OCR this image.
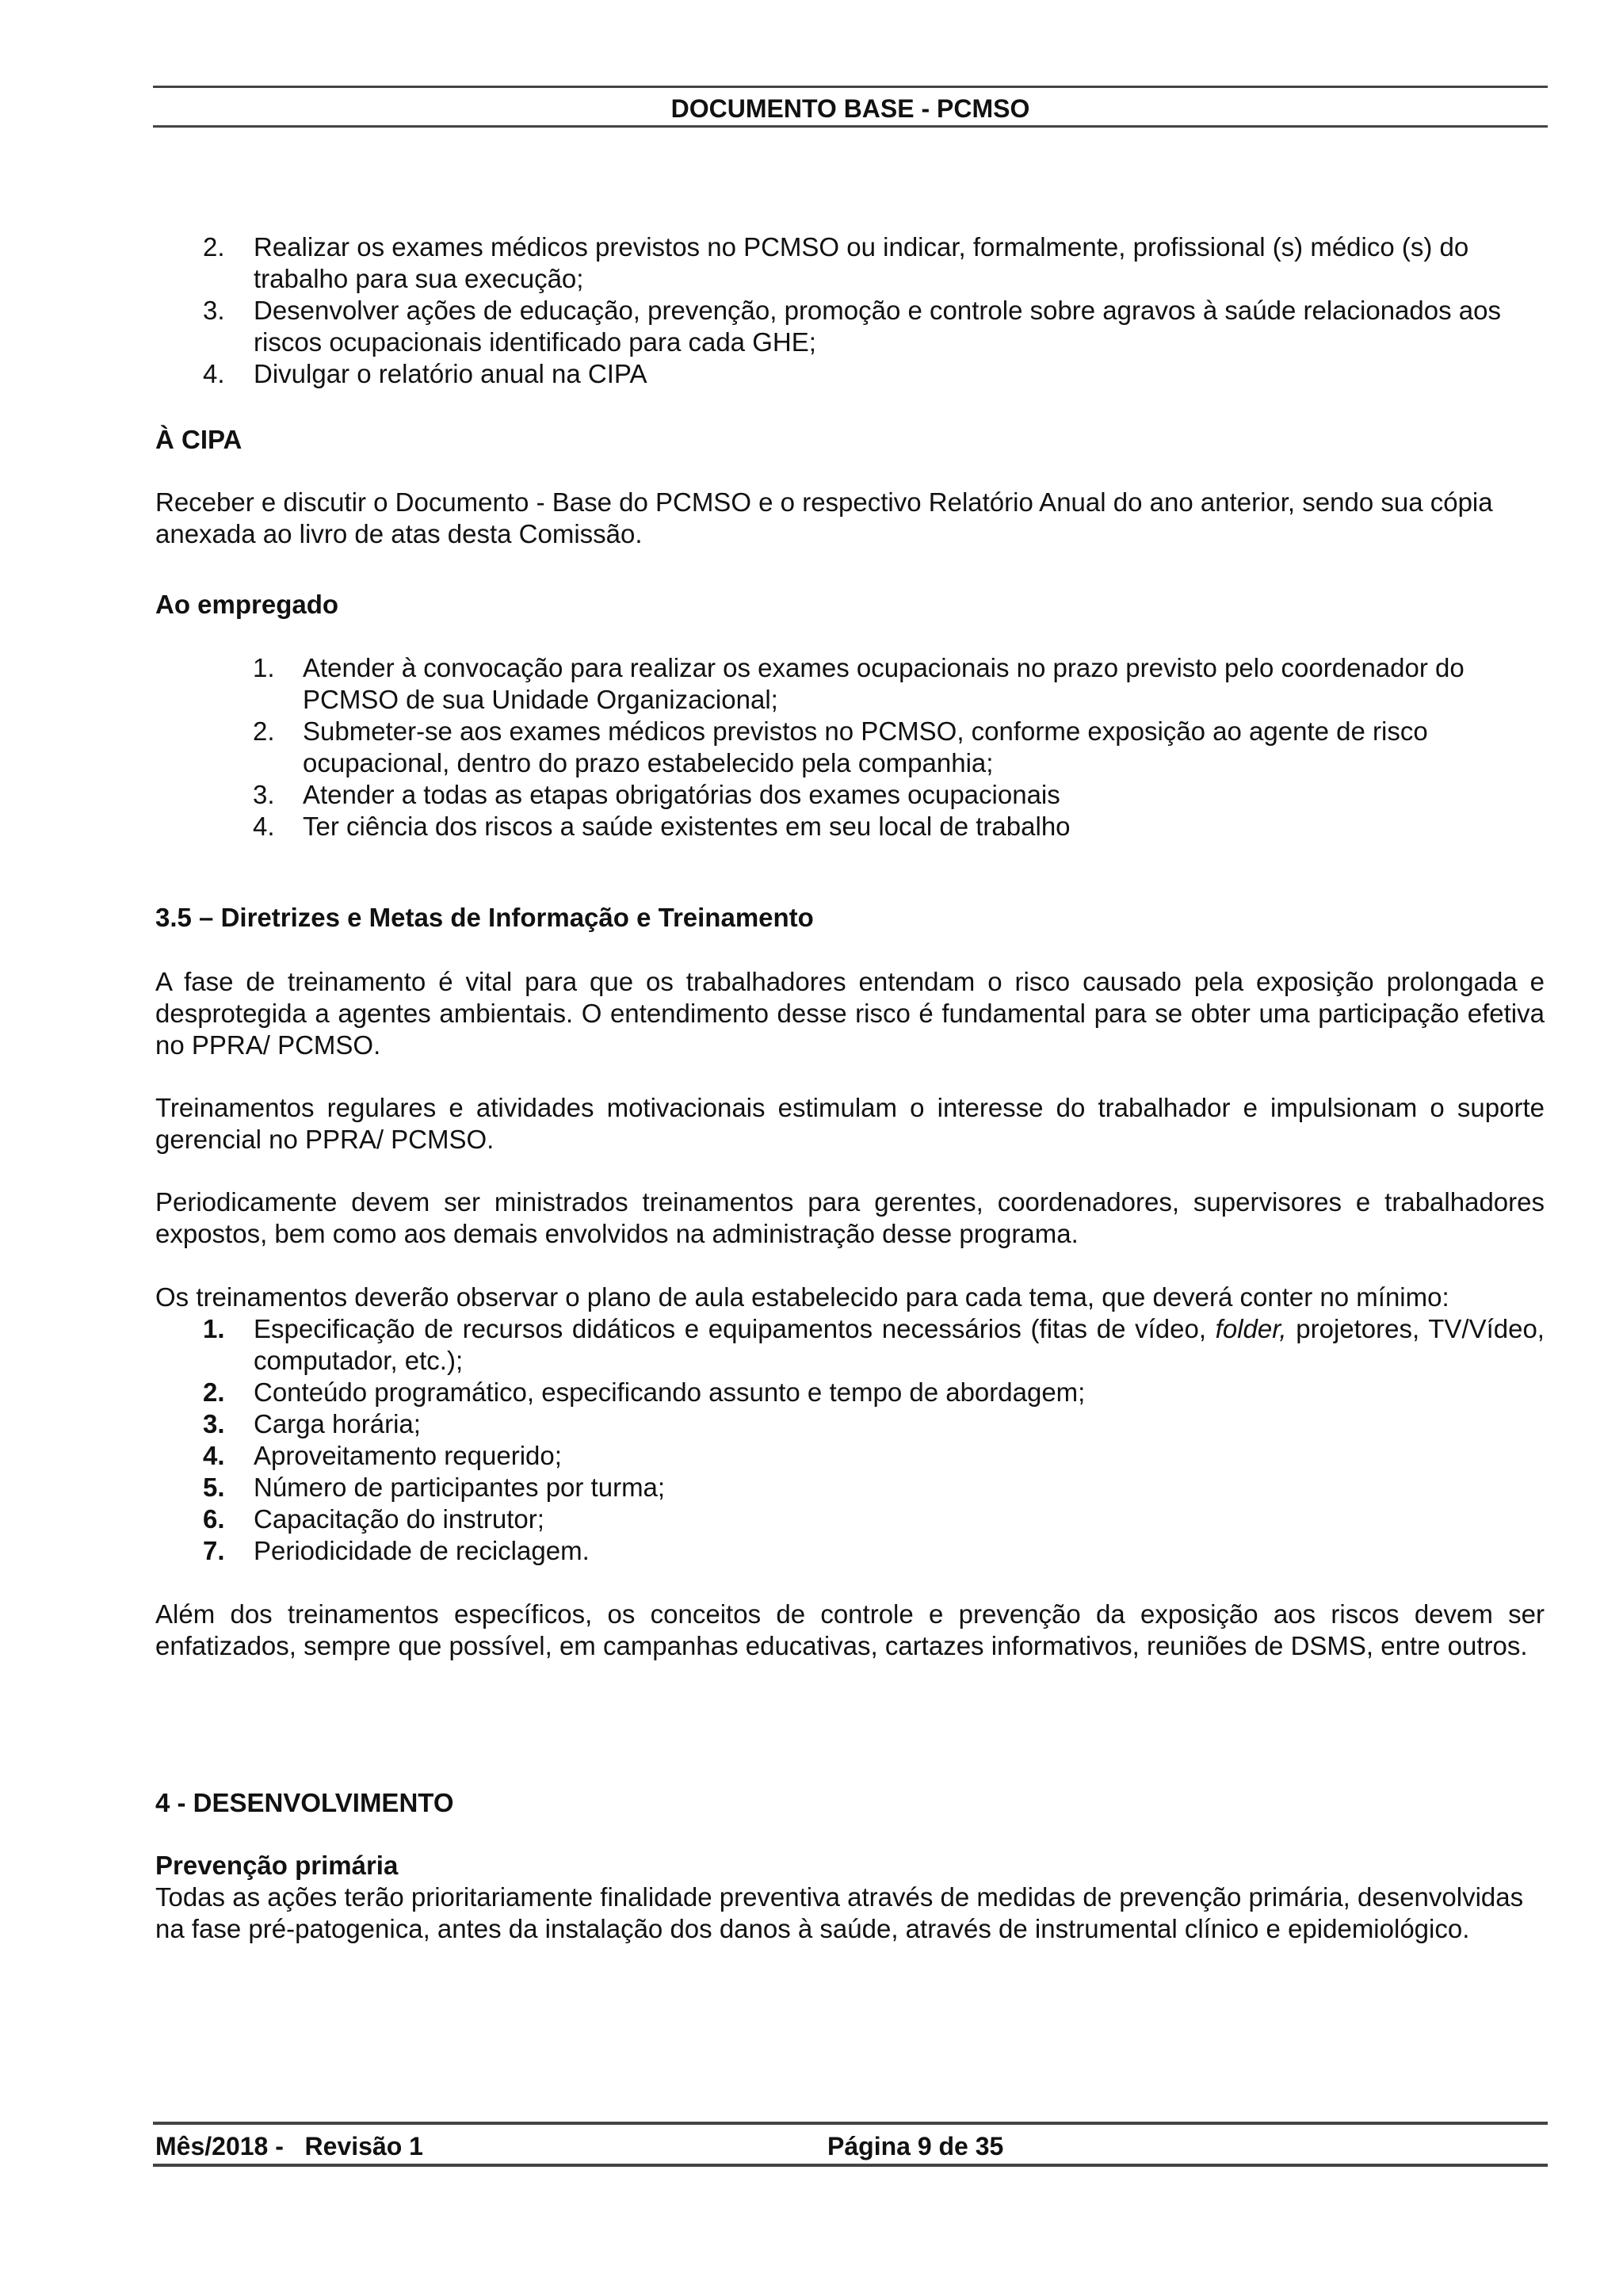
DOCUMENTO BASE - PCMSO
2.	Realizar os exames médicos previstos no PCMSO ou indicar, formalmente, profissional (s) médico (s) do trabalho para sua execução;
3.	Desenvolver ações de educação, prevenção, promoção e controle sobre agravos à saúde relacionados aos riscos ocupacionais identificado para cada GHE;
4.	Divulgar o relatório anual na CIPA

À CIPA

Receber e discutir o Documento - Base do PCMSO e o respectivo Relatório Anual do ano anterior, sendo sua cópia anexada ao livro de atas desta Comissão.

Ao empregado

1.	Atender à convocação para realizar os exames ocupacionais no prazo previsto pelo coordenador do PCMSO de sua Unidade Organizacional;
2.	Submeter-se aos exames médicos previstos no PCMSO, conforme exposição ao agente de risco ocupacional, dentro do prazo estabelecido pela companhia;
3.	Atender a todas as etapas obrigatórias dos exames ocupacionais
4.	Ter ciência dos riscos a saúde existentes em seu local de trabalho

3.5 – Diretrizes e Metas de Informação e Treinamento

A fase de treinamento é vital para que os trabalhadores entendam o risco causado pela exposição prolongada e desprotegida a agentes ambientais. O entendimento desse risco é fundamental para se obter uma participação efetiva no PPRA/ PCMSO.

Treinamentos regulares e atividades motivacionais estimulam o interesse do trabalhador e impulsionam o suporte gerencial no PPRA/ PCMSO.

Periodicamente devem ser ministrados treinamentos para gerentes, coordenadores, supervisores e trabalhadores expostos, bem como aos demais envolvidos na administração desse programa.

Os treinamentos deverão observar o plano de aula estabelecido para cada tema, que deverá conter no mínimo:

1.	Especificação de recursos didáticos e equipamentos necessários (fitas de vídeo, folder, projetores, TV/Vídeo, computador, etc.);
2.	Conteúdo programático, especificando assunto e tempo de abordagem;
3.	Carga horária;
4.	Aproveitamento requerido;
5.	Número de participantes por turma;
6.	Capacitação do instrutor;
7.	Periodicidade de reciclagem.

Além dos treinamentos específicos, os conceitos de controle e prevenção da exposição aos riscos devem ser enfatizados, sempre que possível, em campanhas educativas, cartazes informativos, reuniões de DSMS, entre outros.

4 - DESENVOLVIMENTO

Prevenção primária

Todas as ações terão prioritariamente finalidade preventiva através de medidas de prevenção primária, desenvolvidas na fase pré-patogenica, antes da instalação dos danos à saúde, através de instrumental clínico e epidemiológico.

Mês/2018 -   Revisão 1	Página 9 de 35
